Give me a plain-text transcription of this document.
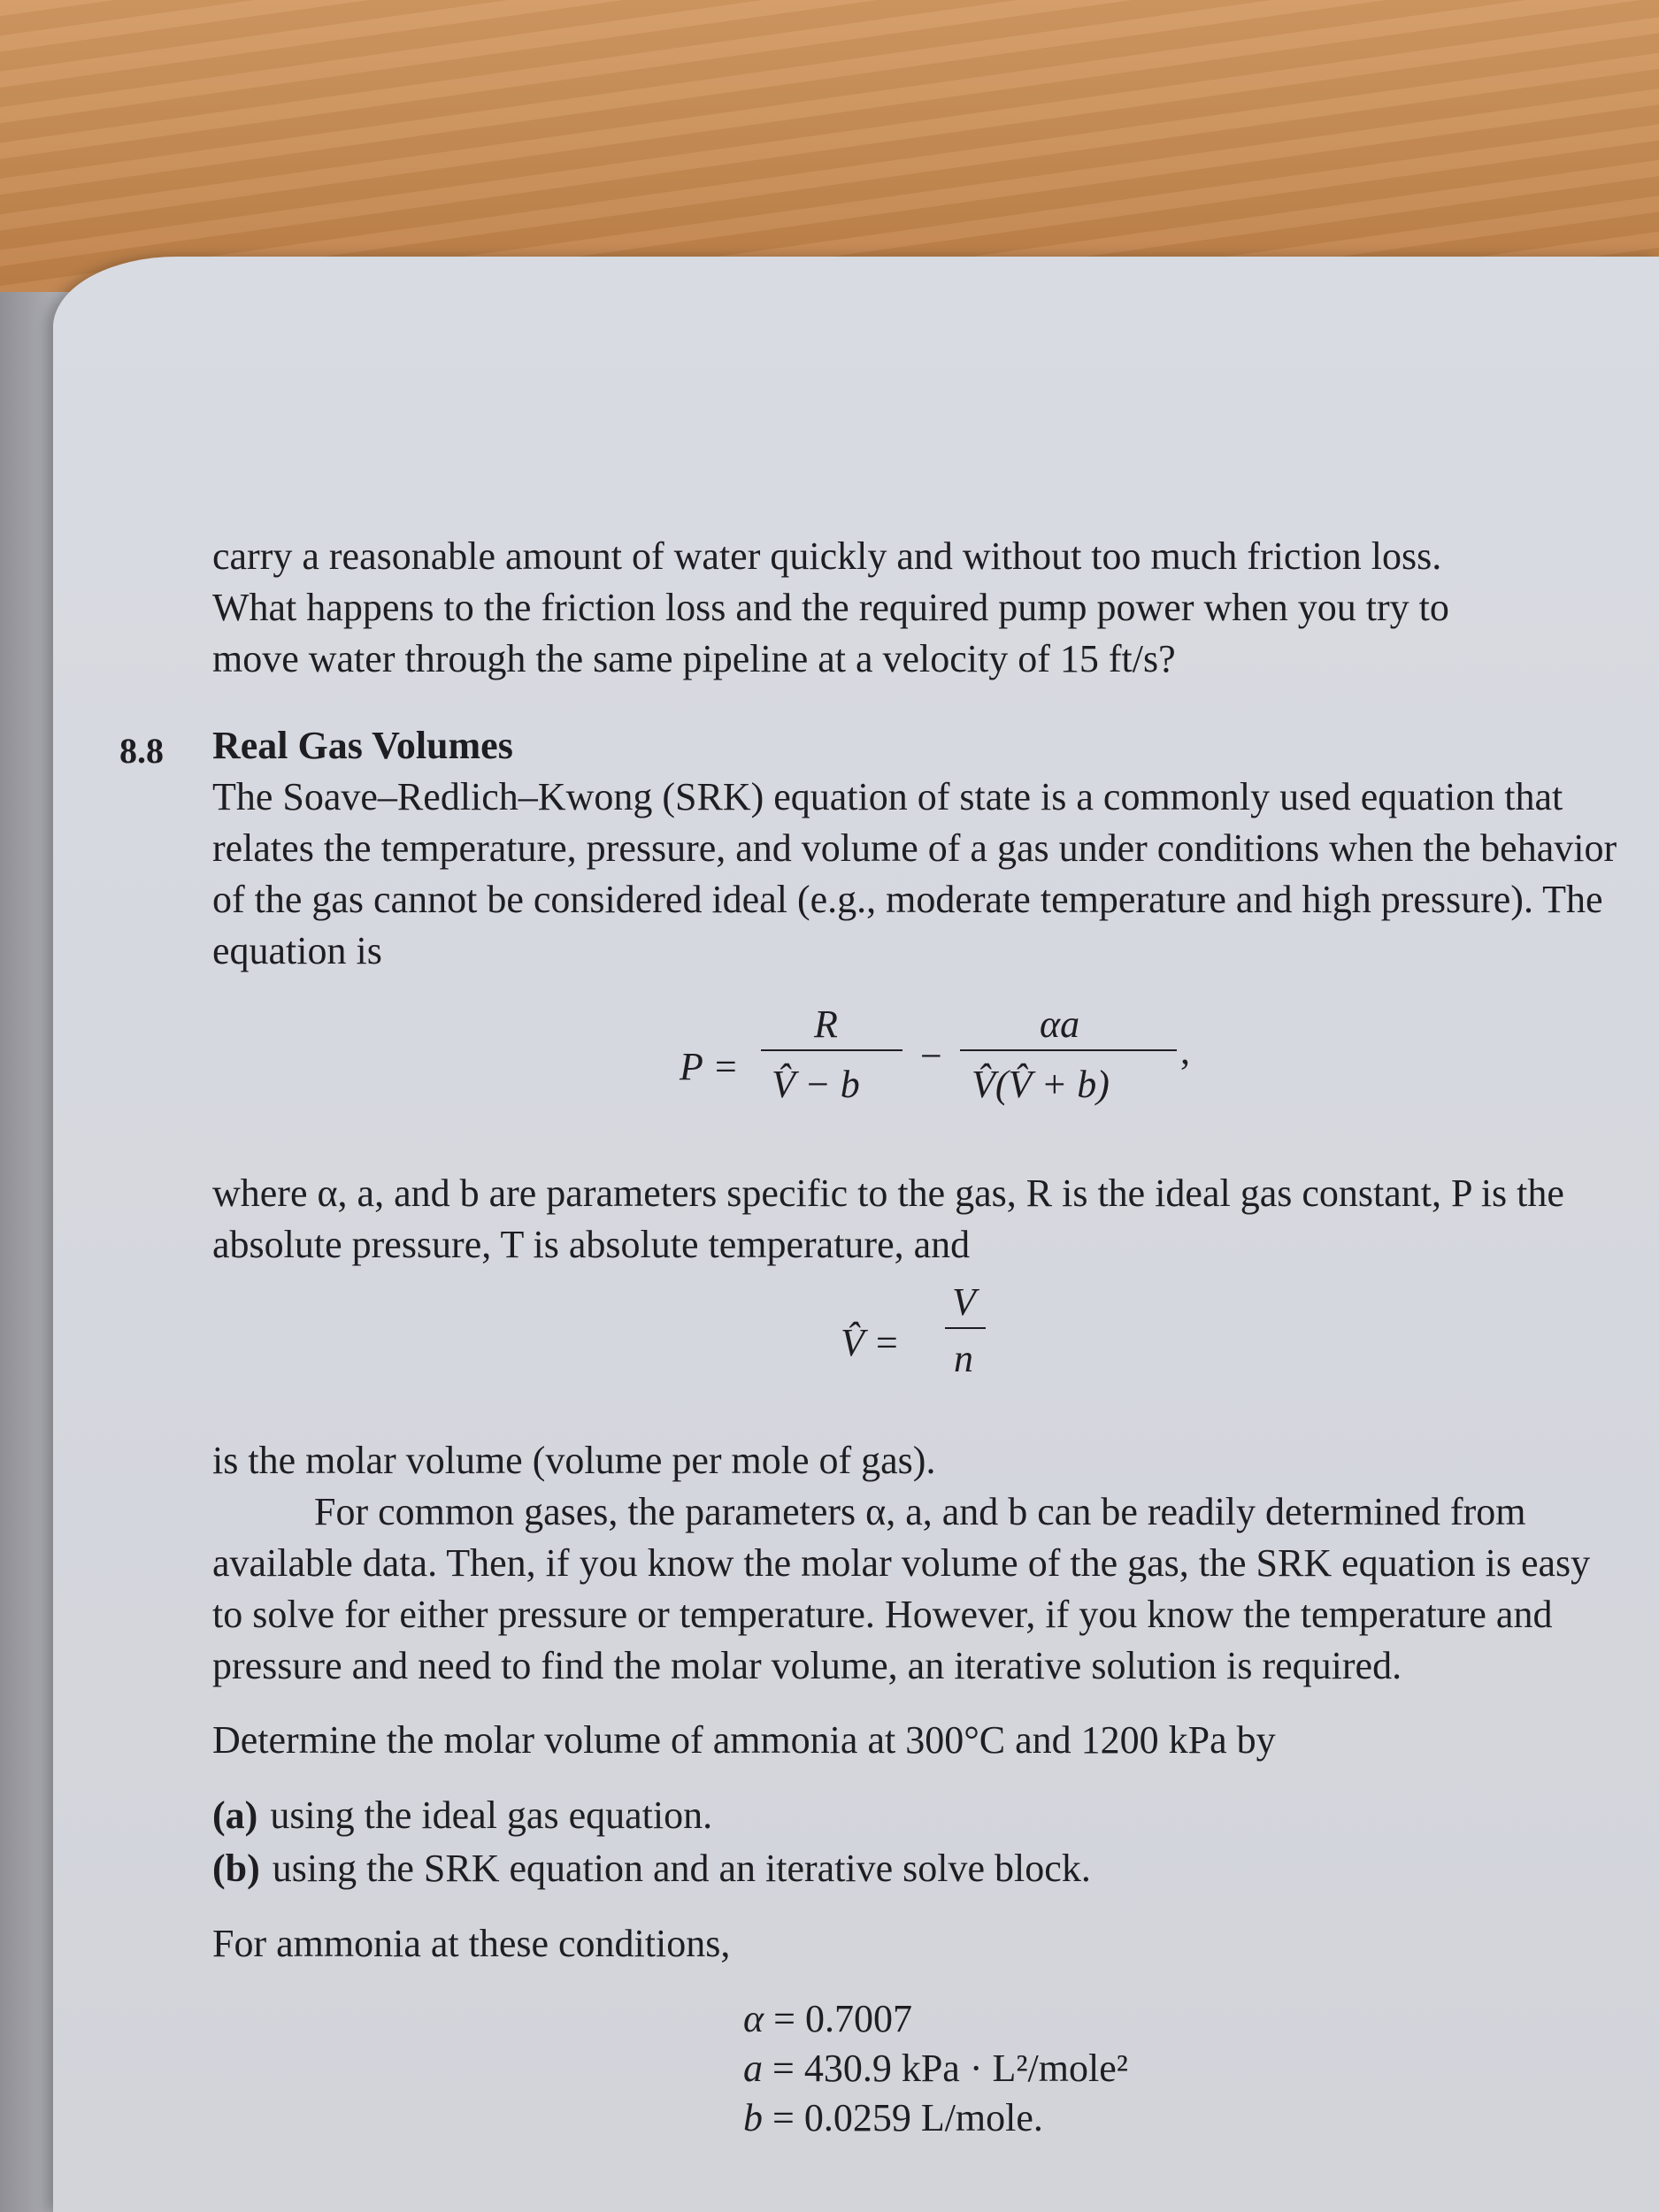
carry a reasonable amount of water quickly and without too much friction loss.

What happens to the friction loss and the required pump power when you try to

move water through the same pipeline at a velocity of 15 ft/s?

8.8 Real Gas Volumes

The Soave–Redlich–Kwong (SRK) equation of state is a commonly used equation that relates the temperature, pressure, and volume of a gas under conditions when the behavior of the gas cannot be considered ideal (e.g., moderate temperature and high pressure). The equation is

P =
R
V̂ − b
−
αa
V̂(V̂ + b)
,

where α, a, and b are parameters specific to the gas, R is the ideal gas constant, P is the absolute pressure, T is absolute temperature, and

V̂ =
V
n

is the molar volume (volume per mole of gas).

For common gases, the parameters α, a, and b can be readily determined from available data. Then, if you know the molar volume of the gas, the SRK equation is easy to solve for either pressure or temperature. However, if you know the temperature and pressure and need to find the molar volume, an iterative solution is required.

Determine the molar volume of ammonia at 300°C and 1200 kPa by

(a) using the ideal gas equation.

(b) using the SRK equation and an iterative solve block.

For ammonia at these conditions,

α = 0.7007
a = 430.9 kPa · L²/mole²
b = 0.0259 L/mole.
